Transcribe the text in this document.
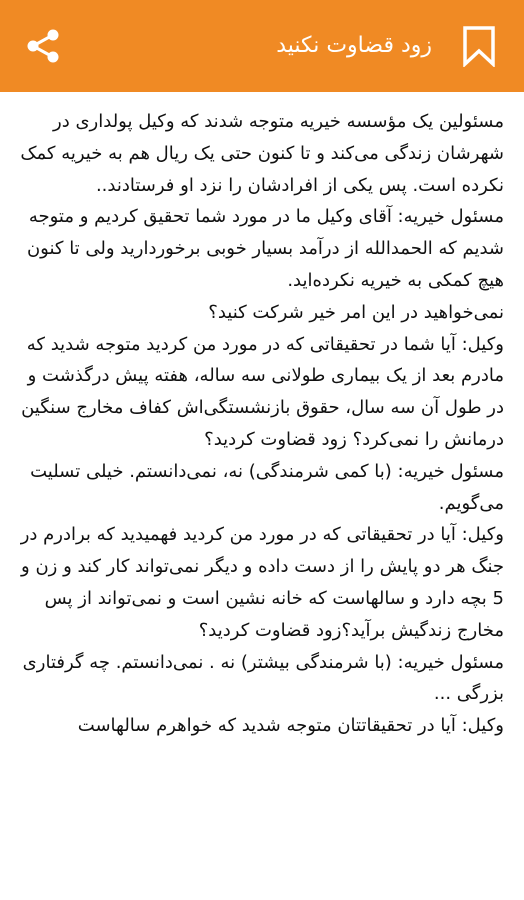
زود قضاوت نکنید

مسئولین یک مؤسسه خیریه متوجه شدند که وکیل پولداری در شهرشان زندگی می‌کند و تا کنون حتی یک ریال هم به خیریه کمک نکرده است. پس یکی از افرادشان را نزد او فرستادند..

مسئول خیریه: آقای وکیل ما در مورد شما تحقیق کردیم و متوجه شدیم که الحمدالله از درآمد بسیار خوبی برخوردارید ولی تا کنون هیچ کمکی به خیریه نکرده‌اید.

نمی‌خواهید در این امر خیر شرکت کنید؟

وکیل: آیا شما در تحقیقاتی که در مورد من کردید متوجه شدید که

مادرم بعد از یک بیماری طولانی سه ساله، هفته پیش درگذشت و در طول آن سه سال، حقوق بازنشستگی‌اش کفاف مخارج سنگین درمانش را نمی‌کرد؟ زود قضاوت کردید؟

مسئول خیریه: (با کمی شرمندگی) نه، نمی‌دانستم. خیلی تسلیت می‌گویم.

وکیل: آیا در تحقیقاتی که در مورد من کردید فهمیدید که برادرم در جنگ هر دو پایش را از دست داده و دیگر نمی‌تواند کار کند و زن و 5 بچه دارد و سالهاست که خانه نشین است و نمی‌تواند از پس مخارج زندگیش برآید؟زود قضاوت کردید؟

مسئول خیریه: (با شرمندگی بیشتر) نه . نمی‌دانستم. چه گرفتاری بزرگی ...

وکیل: آیا در تحقیقاتتان متوجه شدید که خواهرم سالهاست
